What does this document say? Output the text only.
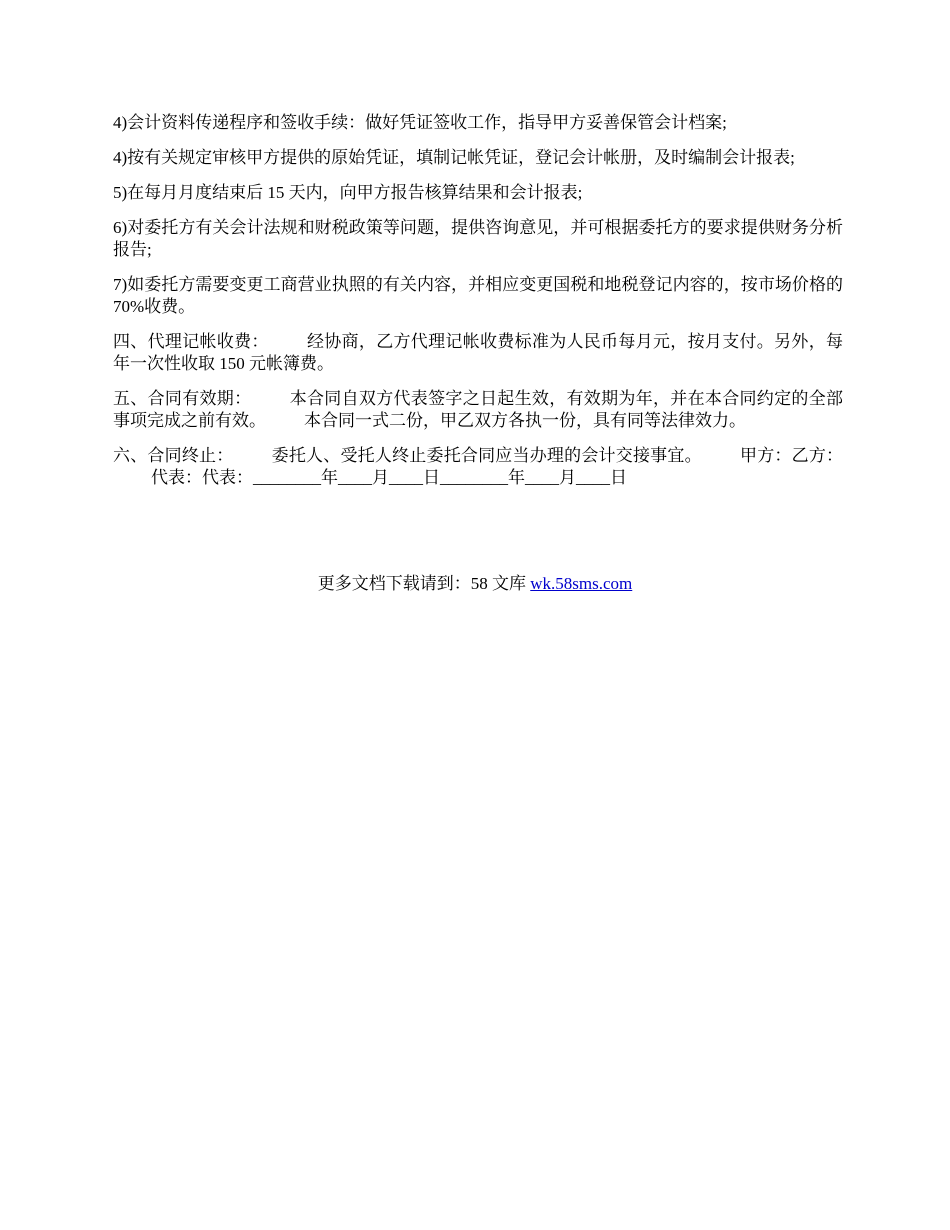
4)会计资料传递程序和签收手续：做好凭证签收工作，指导甲方妥善保管会计档案;

4)按有关规定审核甲方提供的原始凭证，填制记帐凭证，登记会计帐册，及时编制会计报表;

5)在每月月度结束后 15 天内，向甲方报告核算结果和会计报表;

6)对委托方有关会计法规和财税政策等问题，提供咨询意见，并可根据委托方的要求提供财务分析报告;

7)如委托方需要变更工商营业执照的有关内容，并相应变更国税和地税登记内容的，按市场价格的 70%收费。

四、代理记帐收费： 经协商，乙方代理记帐收费标准为人民币每月元，按月支付。另外，每年一次性收取 150 元帐簿费。

五、合同有效期： 本合同自双方代表签字之日起生效，有效期为年，并在本合同约定的全部事项完成之前有效。 本合同一式二份，甲乙双方各执一份，具有同等法律效力。

六、合同终止： 委托人、受托人终止委托合同应当办理的会计交接事宜。 甲方：乙方：代表：代表：________年____月____日________年____月____日

更多文档下载请到：58 文库 wk.58sms.com
